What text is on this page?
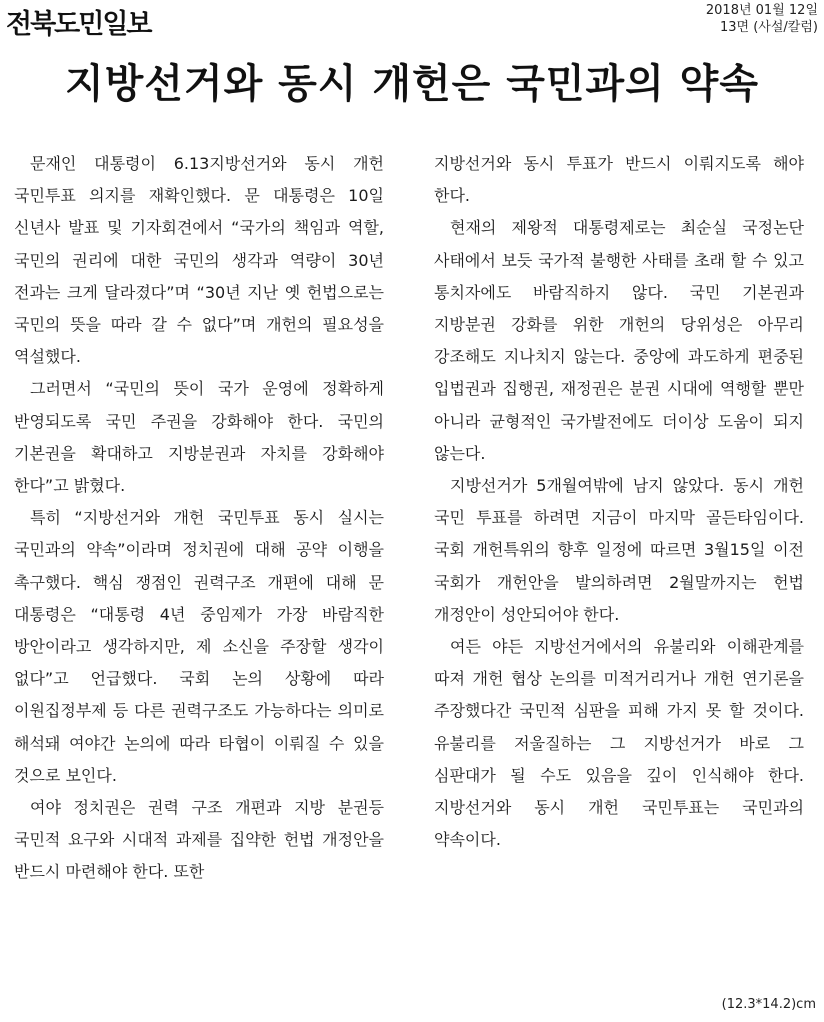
전북도민일보	2018년 01월 12일
13면 (사설/칼럼)
지방선거와 동시 개헌은 국민과의 약속

문재인 대통령이 6.13지방선거와 동시 개헌 국민투표 의지를 재확인했다. 문 대통령은 10일 신년사 발표 및 기자회견에서 “국가의 책임과 역할, 국민의 권리에 대한 국민의 생각과 역량이 30년 전과는 크게 달라졌다”며 “30년 지난 옛 헌법으로는 국민의 뜻을 따라 갈 수 없다”며 개헌의 필요성을 역설했다.

그러면서 “국민의 뜻이 국가 운영에 정확하게 반영되도록 국민 주권을 강화해야 한다. 국민의 기본권을 확대하고 지방분권과 자치를 강화해야 한다”고 밝혔다.

특히 “지방선거와 개헌 국민투표 동시 실시는 국민과의 약속”이라며 정치권에 대해 공약 이행을 촉구했다. 핵심 쟁점인 권력구조 개편에 대해 문 대통령은 “대통령 4년 중임제가 가장 바람직한 방안이라고 생각하지만, 제 소신을 주장할 생각이 없다”고 언급했다. 국회 논의 상황에 따라 이원집정부제 등 다른 권력구조도 가능하다는 의미로 해석돼 여야간 논의에 따라 타협이 이뤄질 수 있을 것으로 보인다.

여야 정치권은 권력 구조 개편과 지방 분권등 국민적 요구와 시대적 과제를 집약한 헌법 개정안을 반드시 마련해야 한다. 또한

지방선거와 동시 투표가 반드시 이뤄지도록 해야 한다.

현재의 제왕적 대통령제로는 최순실 국정논단 사태에서 보듯 국가적 불행한 사태를 초래 할 수 있고 통치자에도 바람직하지 않다. 국민 기본권과 지방분권 강화를 위한 개헌의 당위성은 아무리 강조해도 지나치지 않는다. 중앙에 과도하게 편중된 입법권과 집행권, 재정권은 분권 시대에 역행할 뿐만 아니라 균형적인 국가발전에도 더이상 도움이 되지 않는다.

지방선거가 5개월여밖에 남지 않았다. 동시 개헌 국민 투표를 하려면 지금이 마지막 골든타임이다.국회 개헌특위의 향후 일정에 따르면 3월15일 이전 국회가 개헌안을 발의하려면 2월말까지는 헌법 개정안이 성안되어야 한다.

여든 야든 지방선거에서의 유불리와 이해관계를 따져 개헌 협상 논의를 미적거리거나 개헌 연기론을 주장했다간 국민적 심판을 피해 가지 못 할 것이다. 유불리를 저울질하는 그 지방선거가 바로 그 심판대가 될 수도 있음을 깊이 인식해야 한다. 지방선거와 동시 개헌 국민투표는 국민과의 약속이다.

(12.3*14.2)cm
